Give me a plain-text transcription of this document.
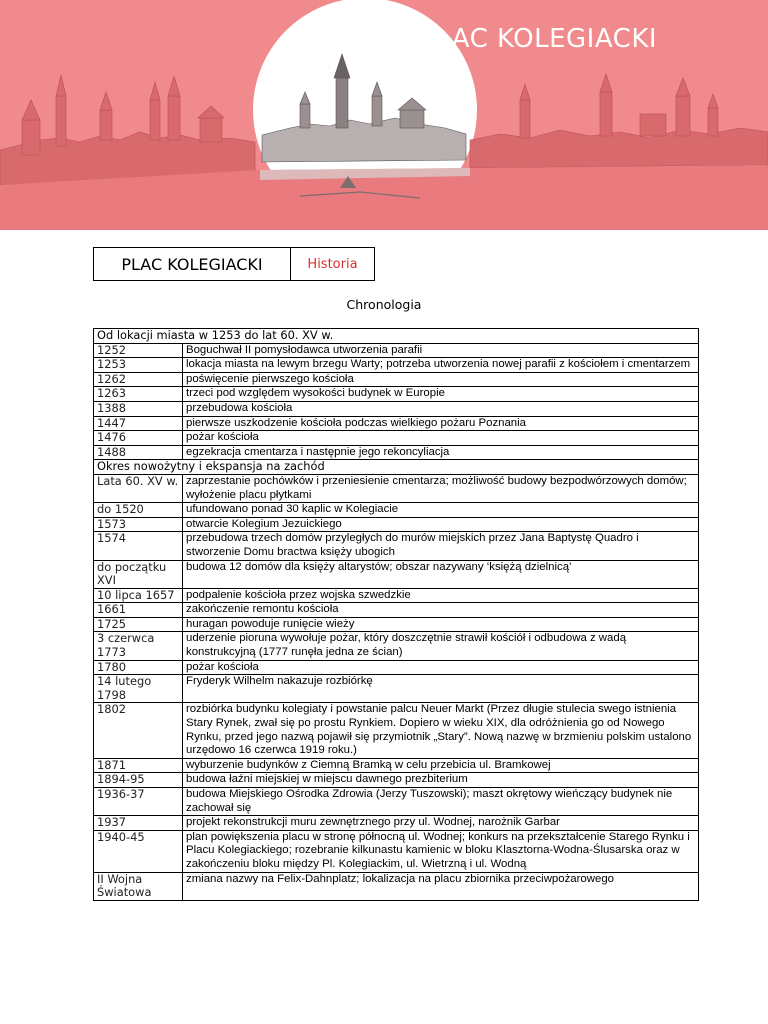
PLAC KOLEGIACKI
PLAC KOLEGIACKI	Historia
Chronologia
Od lokacji miasta w 1253 do lat 60. XV w.	
1252	Boguchwał II pomysłodawca utworzenia parafii
1253	lokacja miasta na lewym brzegu Warty; potrzeba utworzenia nowej parafii z kościołem i cmentarzem
1262	poświęcenie pierwszego kościoła
1263	trzeci pod względem wysokości budynek w Europie
1388	przebudowa kościoła
1447	pierwsze uszkodzenie kościoła podczas wielkiego pożaru Poznania
1476	pożar kościoła
1488	egzekracja cmentarza i następnie jego rekoncyliacja
Okres nowożytny i ekspansja na zachód	
Lata 60. XV w.	zaprzestanie pochówków i przeniesienie cmentarza; możliwość budowy bezpodwórzowych domów; wyłożenie placu płytkami
do 1520	ufundowano ponad 30 kaplic w Kolegiacie
1573	otwarcie Kolegium Jezuickiego
1574	przebudowa trzech domów przyległych do murów miejskich przez Jana Baptystę Quadro i stworzenie Domu bractwa księży ubogich
do początku XVI	budowa 12 domów dla księży altarystów; obszar nazywany ‘księżą dzielnicą’
10 lipca 1657	podpalenie kościoła przez wojska szwedzkie
1661	zakończenie remontu kościoła
1725	huragan powoduje runięcie wieży
3 czerwca 1773	uderzenie pioruna wywołuje pożar, który doszczętnie strawił kościół i odbudowa z wadą konstrukcyjną (1777 runęła jedna ze ścian)
1780	pożar kościoła
14 lutego 1798	Fryderyk Wilhelm nakazuje rozbiórkę
1802	rozbiórka budynku kolegiaty i powstanie palcu Neuer Markt (Przez długie stulecia swego istnienia Stary Rynek, zwał się po prostu Rynkiem. Dopiero w wieku XIX, dla odróżnienia go od Nowego Rynku, przed jego nazwą pojawił się przymiotnik „Stary”. Nową nazwę w brzmieniu polskim ustalono urzędowo 16 czerwca 1919 roku.)
1871	wyburzenie budynków z Ciemną Bramką w celu przebicia ul. Bramkowej
1894-95	budowa łaźni miejskiej w miejscu dawnego prezbiterium
1936-37	budowa Miejskiego Ośrodka Zdrowia (Jerzy Tuszowski); maszt okrętowy wieńczący budynek nie zachował się
1937	projekt rekonstrukcji muru zewnętrznego przy ul. Wodnej, narożnik Garbar
1940-45	plan powiększenia placu w stronę północną ul. Wodnej; konkurs na przekształcenie Starego Rynku i Placu Kolegiackiego; rozebranie kilkunastu kamienic w bloku Klasztorna-Wodna-Ślusarska oraz w zakończeniu bloku między Pl. Kolegiackim, ul. Wietrzną i ul. Wodną
II Wojna Światowa	zmiana nazwy na Felix-Dahnplatz; lokalizacja na placu zbiornika przeciwpożarowego
